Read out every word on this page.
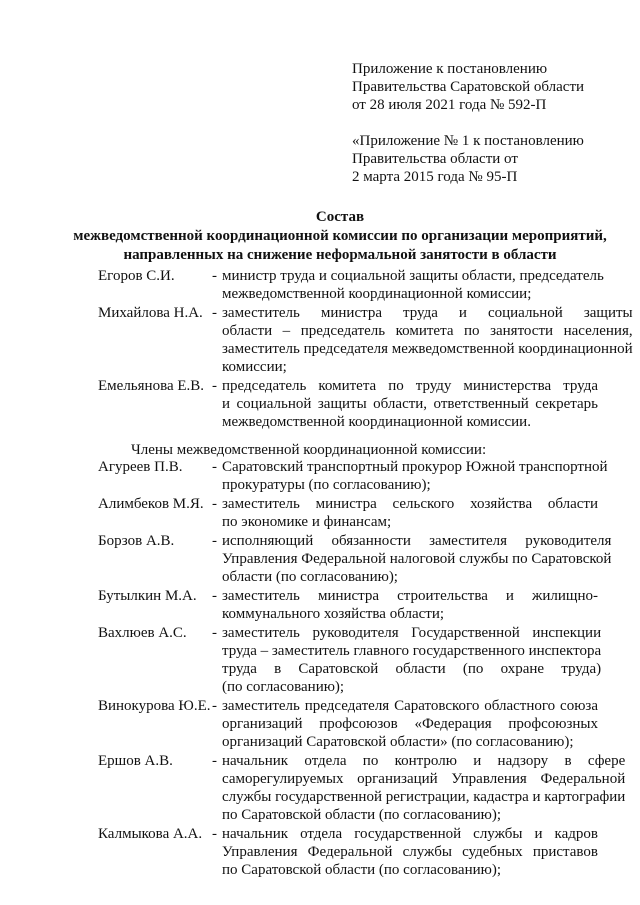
Приложение к постановлению
Правительства Саратовской области
от 28 июля 2021 года № 592-П
«Приложение № 1 к постановлению
Правительства области от
2 марта 2015 года № 95-П
Состав
межведомственной координационной комиссии по организации мероприятий,
направленных на снижение неформальной занятости в области
Егоров С.И.	- министр труда и социальной защиты области, председатель
межведомственной координационной комиссии;
Михайлова Н.А. - заместитель министра труда и социальной защиты
области – председатель комитета по занятости населения,
заместитель председателя межведомственной координационной
комиссии;
Емельянова Е.В. - председатель комитета по труду министерства труда
и социальной защиты области, ответственный секретарь
межведомственной координационной комиссии.
Члены межведомственной координационной комиссии:
Агуреев П.В.	- Саратовский транспортный прокурор Южной транспортной
прокуратуры (по согласованию);
Алимбеков М.Я. - заместитель министра сельского хозяйства области
по экономике и финансам;
Борзов А.В.	- исполняющий обязанности заместителя руководителя
Управления Федеральной налоговой службы по Саратовской
области (по согласованию);
Бутылкин М.А.	- заместитель министра строительства и жилищно-
коммунального хозяйства области;
Вахлюев А.С.	- заместитель руководителя Государственной инспекции
труда – заместитель главного государственного инспектора
труда в Саратовской области (по охране труда)
(по согласованию);
Винокурова Ю.Е. - заместитель председателя Саратовского областного союза
организаций профсоюзов «Федерация профсоюзных
организаций Саратовской области» (по согласованию);
Ершов А.В.	- начальник отдела по контролю и надзору в сфере
саморегулируемых организаций Управления Федеральной
службы государственной регистрации, кадастра и картографии
по Саратовской области (по согласованию);
Калмыкова А.А. - начальник отдела государственной службы и кадров
Управления Федеральной службы судебных приставов
по Саратовской области (по согласованию);
